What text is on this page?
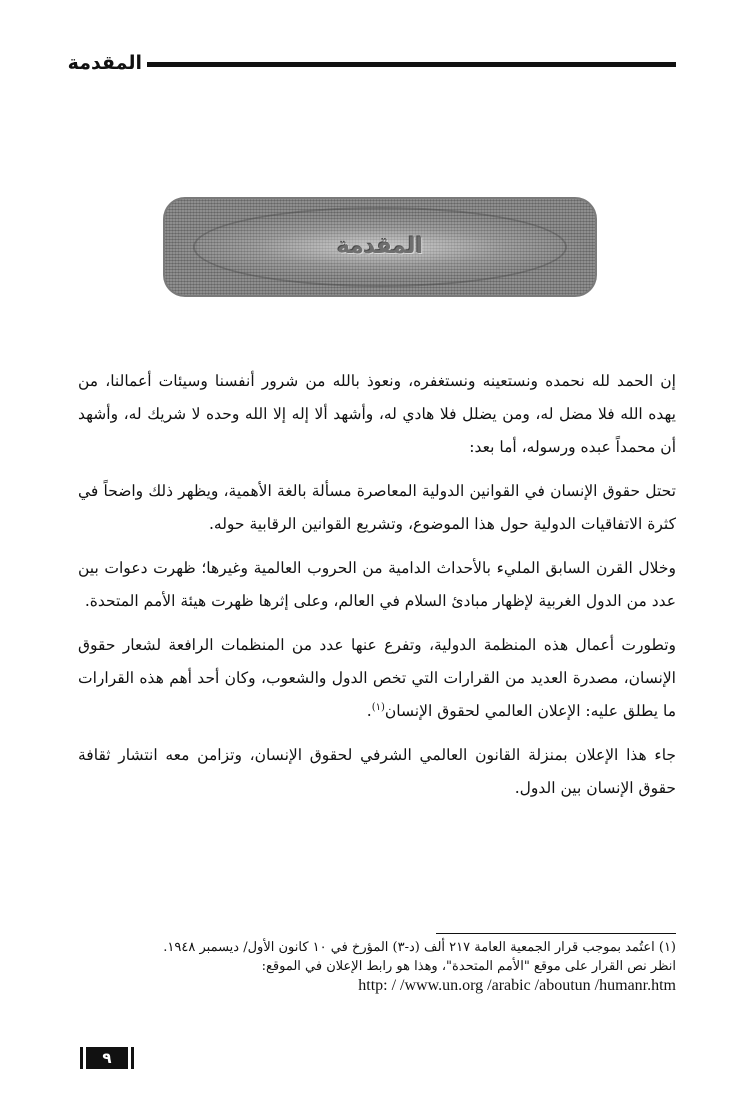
المقدمة
المقدمة

إن الحمد لله نحمده ونستعينه ونستغفره، ونعوذ بالله من شرور أنفسنا وسيئات أعمالنا، من يهده الله فلا مضل له، ومن يضلل فلا هادي له، وأشهد ألا إله إلا الله وحده لا شريك له، وأشهد أن محمداً عبده ورسوله، أما بعد:

تحتل حقوق الإنسان في القوانين الدولية المعاصرة مسألة بالغة الأهمية، ويظهر ذلك واضحاً في كثرة الاتفاقيات الدولية حول هذا الموضوع، وتشريع القوانين الرقابية حوله.

وخلال القرن السابق المليء بالأحداث الدامية من الحروب العالمية وغيرها؛ ظهرت دعوات بين عدد من الدول الغربية لإظهار مبادئ السلام في العالم، وعلى إثرها ظهرت هيئة الأمم المتحدة.

وتطورت أعمال هذه المنظمة الدولية، وتفرع عنها عدد من المنظمات الرافعة لشعار حقوق الإنسان، مصدرة العديد من القرارات التي تخص الدول والشعوب، وكان أحد أهم هذه القرارات ما يطلق عليه: الإعلان العالمي لحقوق الإنسان$^{(١)}$.

جاء هذا الإعلان بمنزلة القانون العالمي الشرفي لحقوق الإنسان، وتزامن معه انتشار ثقافة حقوق الإنسان بين الدول.

(١) اعتُمد بموجب قرار الجمعية العامة ٢١٧ ألف (د-٣) المؤرخ في ١٠ كانون الأول/ ديسمبر ١٩٤٨.

انظر نص القرار على موقع "الأمم المتحدة"، وهذا هو رابط الإعلان في الموقع:

http: / /www.un.org /arabic /aboutun /humanr.htm

٩
